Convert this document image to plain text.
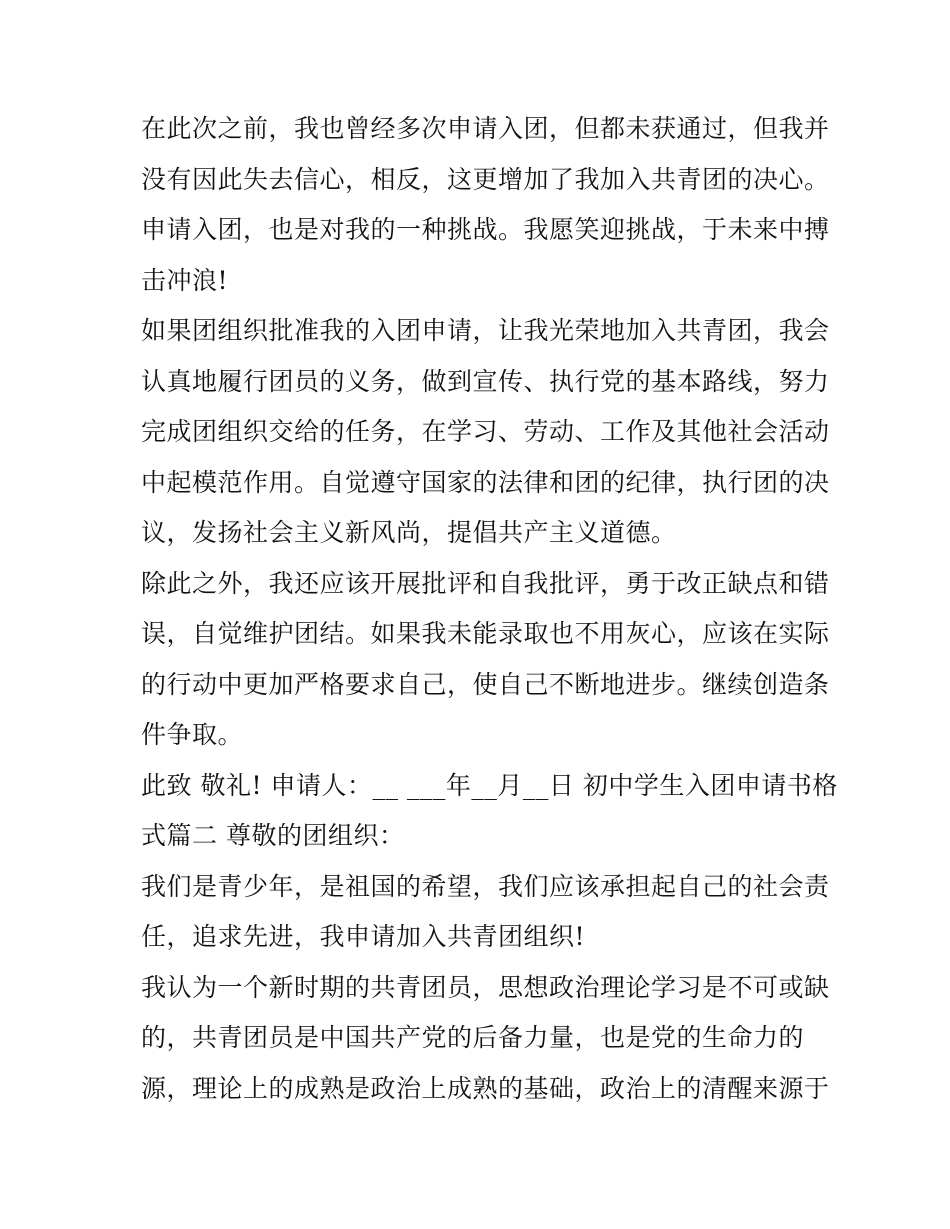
在此次之前，我也曾经多次申请入团，但都未获通过，但我并
没有因此失去信心，相反，这更增加了我加入共青团的决心。
申请入团，也是对我的一种挑战。我愿笑迎挑战，于未来中搏
击冲浪!
如果团组织批准我的入团申请，让我光荣地加入共青团，我会
认真地履行团员的义务，做到宣传、执行党的基本路线，努力
完成团组织交给的任务，在学习、劳动、工作及其他社会活动
中起模范作用。自觉遵守国家的法律和团的纪律，执行团的决
议，发扬社会主义新风尚，提倡共产主义道德。
除此之外，我还应该开展批评和自我批评，勇于改正缺点和错
误，自觉维护团结。如果我未能录取也不用灰心，应该在实际
的行动中更加严格要求自己，使自己不断地进步。继续创造条
件争取。
此致 敬礼! 申请人：__ ___年__月__日 初中学生入团申请书格
式篇二 尊敬的团组织：
我们是青少年，是祖国的希望，我们应该承担起自己的社会责
任，追求先进，我申请加入共青团组织!
我认为一个新时期的共青团员，思想政治理论学习是不可或缺
的，共青团员是中国共产党的后备力量，也是党的生命力的
源，理论上的成熟是政治上成熟的基础，政治上的清醒来源于
